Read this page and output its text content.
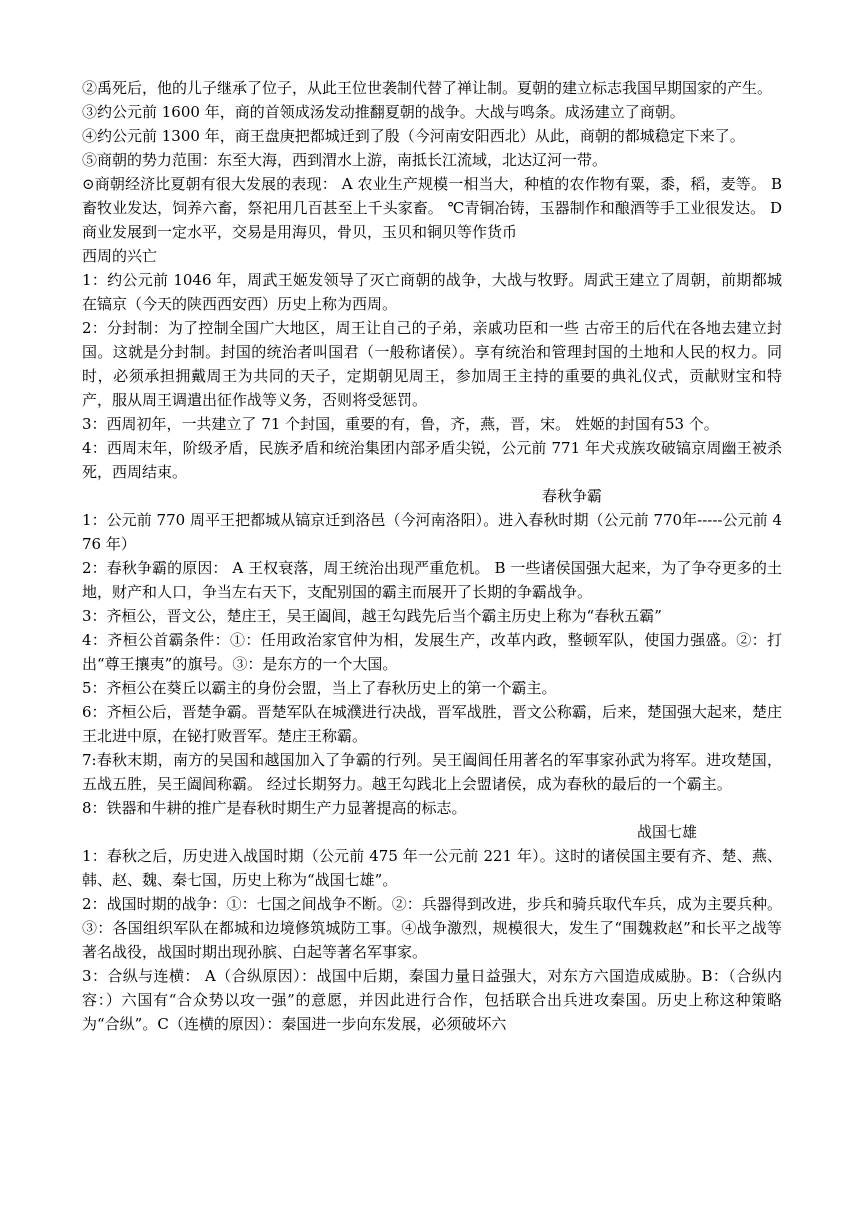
②禹死后，他的儿子继承了位子，从此王位世袭制代替了禅让制。夏朝的建立标志我国早期国家的产生。

③约公元前 1600 年，商的首领成汤发动推翻夏朝的战争。大战与鸣条。成汤建立了商朝。

④约公元前 1300 年，商王盘庚把都城迁到了殷（今河南安阳西北）从此，商朝的都城稳定下来了。

⑤商朝的势力范围：东至大海，西到渭水上游，南抵长江流域，北达辽河一带。

⊙商朝经济比夏朝有很大发展的表现： A 农业生产规模一相当大，种植的农作物有粟，黍，稻，麦等。 B 畜牧业发达，饲养六畜，祭祀用几百甚至上千头家畜。 ℃青铜冶铸，玉器制作和酿酒等手工业很发达。 D 商业发展到一定水平，交易是用海贝，骨贝，玉贝和铜贝等作货币

西周的兴亡

1：约公元前 1046 年，周武王姬发领导了灭亡商朝的战争，大战与牧野。周武王建立了周朝，前期都城在镐京（今天的陕西西安西）历史上称为西周。

2：分封制：为了控制全国广大地区，周王让自己的子弟，亲戚功臣和一些 古帝王的后代在各地去建立封国。这就是分封制。封国的统治者叫国君（一般称诸侯）。享有统治和管理封国的土地和人民的权力。同时，必须承担拥戴周王为共同的天子，定期朝见周王，参加周王主持的重要的典礼仪式，贡献财宝和特产，服从周王调遣出征作战等义务，否则将受惩罚。

3：西周初年，一共建立了 71 个封国，重要的有，鲁，齐，燕，晋，宋。 姓姬的封国有53 个。

4：西周末年，阶级矛盾，民族矛盾和统治集团内部矛盾尖锐，公元前 771 年犬戎族攻破镐京周幽王被杀死，西周结束。

春秋争霸

1：公元前 770 周平王把都城从镐京迁到洛邑（今河南洛阳）。进入春秋时期（公元前 770年-----公元前 476 年）

2：春秋争霸的原因： A 王权衰落，周王统治出现严重危机。 B 一些诸侯国强大起来，为了争夺更多的土地，财产和人口，争当左右天下，支配别国的霸主而展开了长期的争霸战争。

3：齐桓公，晋文公，楚庄王，吴王阖闾，越王勾践先后当个霸主历史上称为“春秋五霸”

4：齐桓公首霸条件：①：任用政治家官仲为相，发展生产，改革内政，整顿军队，使国力强盛。②：打出“尊王攘夷”的旗号。③：是东方的一个大国。

5：齐桓公在葵丘以霸主的身份会盟，当上了春秋历史上的第一个霸主。

6：齐桓公后，晋楚争霸。晋楚军队在城濮进行决战，晋军战胜，晋文公称霸，后来，楚国强大起来，楚庄王北进中原，在铋打败晋军。楚庄王称霸。

7:春秋末期，南方的吴国和越国加入了争霸的行列。吴王阖闾任用著名的军事家孙武为将军。进攻楚国，五战五胜，吴王阖闾称霸。 经过长期努力。越王勾践北上会盟诸侯，成为春秋的最后的一个霸主。

8：铁器和牛耕的推广是春秋时期生产力显著提高的标志。

战国七雄

1：春秋之后，历史进入战国时期（公元前 475 年一公元前 221 年）。这时的诸侯国主要有齐、楚、燕、韩、赵、魏、秦七国，历史上称为“战国七雄”。

2：战国时期的战争：①：七国之间战争不断。②：兵器得到改进，步兵和骑兵取代车兵，成为主要兵种。③：各国组织军队在都城和边境修筑城防工事。④战争激烈，规模很大，发生了“围魏救赵”和长平之战等著名战役，战国时期出现孙膑、白起等著名军事家。

3：合纵与连横： A（合纵原因）：战国中后期，秦国力量日益强大，对东方六国造成威胁。B：（合纵内容：）六国有“合众势以攻一强”的意愿，并因此进行合作，包括联合出兵进攻秦国。历史上称这种策略为“合纵”。C（连横的原因）：秦国进一步向东发展，必须破坏六
